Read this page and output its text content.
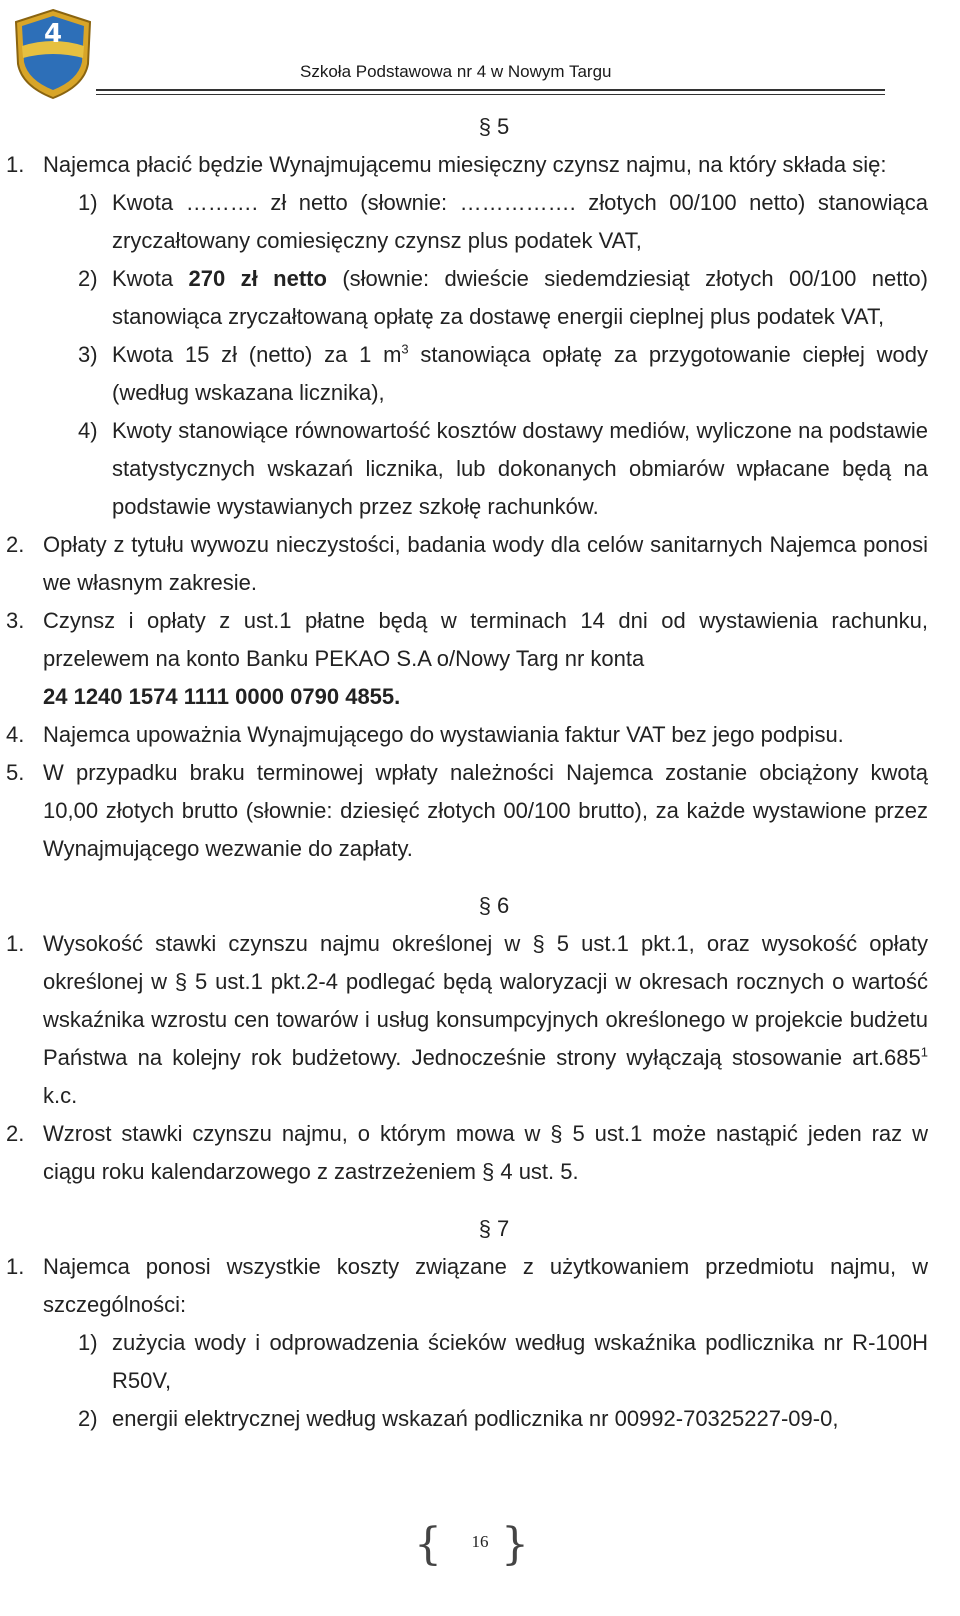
4
Szkoła Podstawowa nr 4 w Nowym Targu
§ 5
1. Najemca płacić będzie Wynajmującemu miesięczny czynsz najmu, na który składa się:
1) Kwota ………. zł netto (słownie: ……………. złotych 00/100 netto) stanowiąca zryczałtowany comiesięczny czynsz plus podatek VAT,
2) Kwota 270 zł netto (słownie: dwieście siedemdziesiąt złotych 00/100 netto) stanowiąca zryczałtowaną opłatę za dostawę energii cieplnej plus podatek VAT,
3) Kwota 15 zł (netto) za 1 $m^3$ stanowiąca opłatę za przygotowanie ciepłej wody (według wskazana licznika),
4) Kwoty stanowiące równowartość kosztów dostawy mediów, wyliczone na podstawie statystycznych wskazań licznika, lub dokonanych obmiarów wpłacane będą na podstawie wystawianych przez szkołę rachunków.
2. Opłaty z tytułu wywozu nieczystości, badania wody dla celów sanitarnych Najemca ponosi we własnym zakresie.
3. Czynsz i opłaty z ust.1 płatne będą w terminach 14 dni od wystawienia rachunku, przelewem na konto Banku PEKAO S.A o/Nowy Targ nr konta
24 1240 1574 1111 0000 0790 4855.
4. Najemca upoważnia Wynajmującego do wystawiania faktur VAT bez jego podpisu.
5. W przypadku braku terminowej wpłaty należności Najemca zostanie obciążony kwotą 10,00 złotych brutto (słownie: dziesięć złotych 00/100 brutto), za każde wystawione przez Wynajmującego wezwanie do zapłaty.
§ 6
1. Wysokość stawki czynszu najmu określonej w § 5 ust.1 pkt.1, oraz wysokość opłaty określonej w § 5 ust.1 pkt.2-4 podlegać będą waloryzacji w okresach rocznych o wartość wskaźnika wzrostu cen towarów i usług konsumpcyjnych określonego w projekcie budżetu Państwa na kolejny rok budżetowy. Jednocześnie strony wyłączają stosowanie art.685$^1$ k.c.
2. Wzrost stawki czynszu najmu, o którym mowa w § 5 ust.1 może nastąpić jeden raz w ciągu roku kalendarzowego z zastrzeżeniem § 4 ust. 5.
§ 7
1. Najemca ponosi wszystkie koszty związane z użytkowaniem przedmiotu najmu, w szczególności:
1) zużycia wody i odprowadzenia ścieków według wskaźnika podlicznika nr R-100H R50V,
2) energii elektrycznej według wskazań podlicznika nr 00992-70325227-09-0,
{	16 }
